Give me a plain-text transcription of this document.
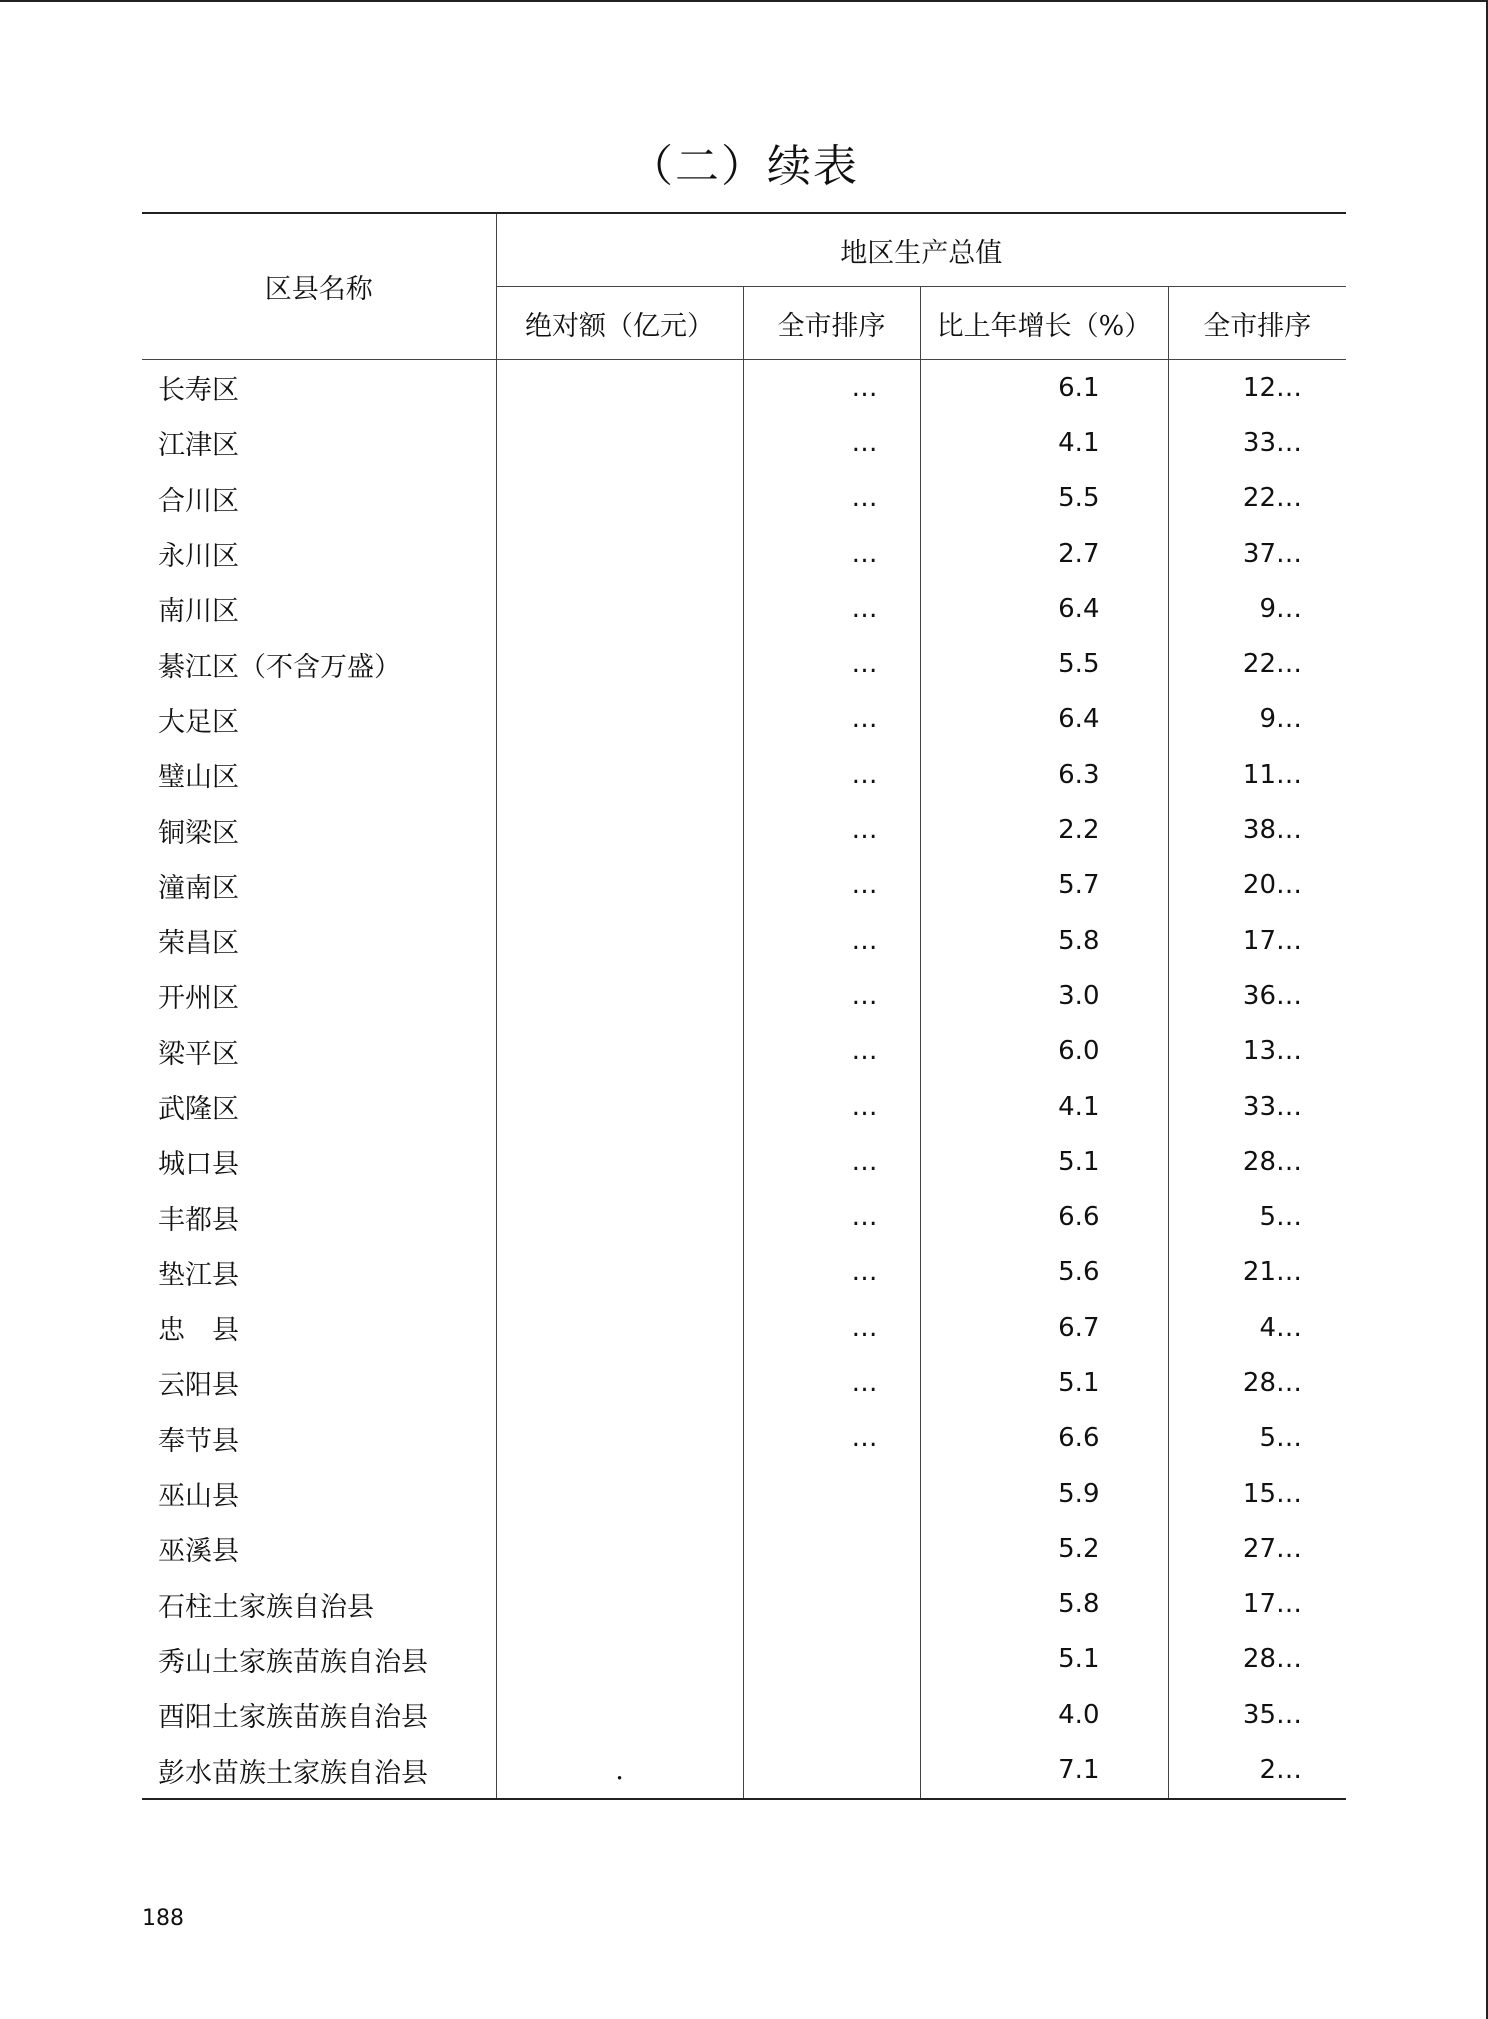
（二）续表
区县名称	地区生产总值			
	绝对额（亿元）	全市排序	比上年增长（%）	全市排序
长寿区		…	6.1	12…
江津区		…	4.1	33…
合川区		…	5.5	22…
永川区		…	2.7	37…
南川区		…	6.4	9…
綦江区（不含万盛）		…	5.5	22…
大足区		…	6.4	9…
璧山区		…	6.3	11…
铜梁区		…	2.2	38…
潼南区		…	5.7	20…
荣昌区		…	5.8	17…
开州区		…	3.0	36…
梁平区		…	6.0	13…
武隆区		…	4.1	33…
城口县		…	5.1	28…
丰都县		…	6.6	5…
垫江县		…	5.6	21…
忠　县		…	6.7	4…
云阳县		…	5.1	28…
奉节县		…	6.6	5…
巫山县			5.9	15…
巫溪县			5.2	27…
石柱土家族自治县			5.8	17…
秀山土家族苗族自治县			5.1	28…
酉阳土家族苗族自治县			4.0	35…
彭水苗族土家族自治县	.		7.1	2…
188
